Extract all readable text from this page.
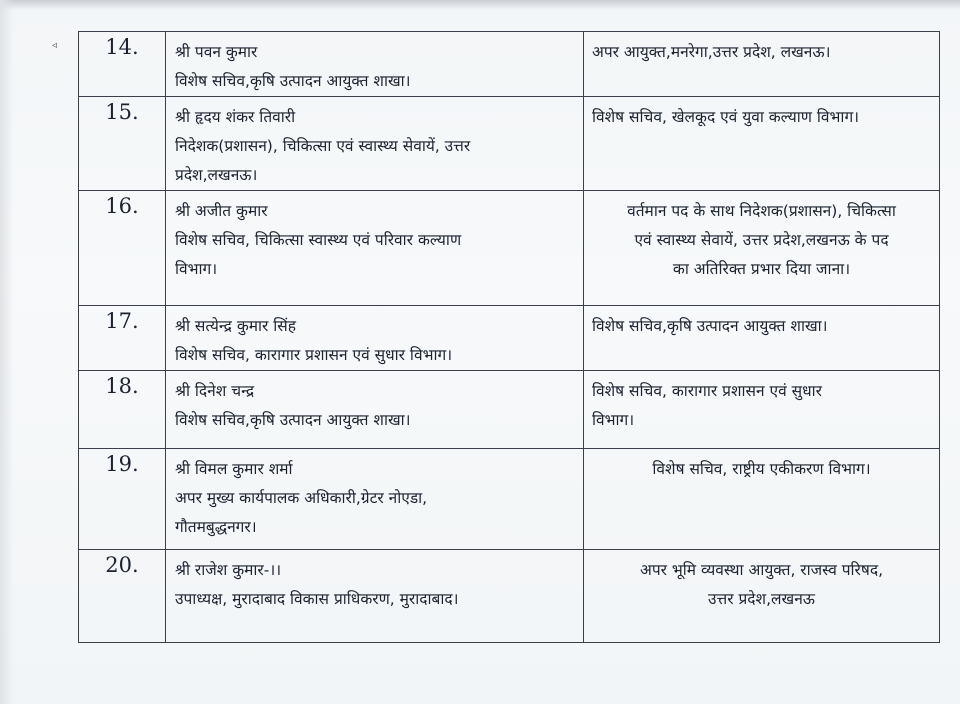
◃ 14.	श्री पवन कुमार
विशेष सचिव,कृषि उत्पादन आयुक्त शाखा।	अपर आयुक्त,मनरेगा,उत्तर प्रदेश, लखनऊ।

15.	श्री हृदय शंकर तिवारी
निदेशक(प्रशासन), चिकित्सा एवं स्वास्थ्य सेवायें, उत्तर
प्रदेश,लखनऊ।	विशेष सचिव, खेलकूद एवं युवा कल्याण विभाग।

16.	श्री अजीत कुमार
विशेष सचिव, चिकित्सा स्वास्थ्य एवं परिवार कल्याण
विभाग।	वर्तमान पद के साथ निदेशक(प्रशासन), चिकित्सा
एवं स्वास्थ्य सेवायें, उत्तर प्रदेश,लखनऊ के पद
का अतिरिक्त प्रभार दिया जाना।

17.	श्री सत्येन्द्र कुमार सिंह
विशेष सचिव, कारागार प्रशासन एवं सुधार विभाग।	विशेष सचिव,कृषि उत्पादन आयुक्त शाखा।

18.	श्री दिनेश चन्द्र
विशेष सचिव,कृषि उत्पादन आयुक्त शाखा।	विशेष सचिव, कारागार प्रशासन एवं सुधार
विभाग।

19.	श्री विमल कुमार शर्मा
अपर मुख्य कार्यपालक अधिकारी,ग्रेटर नोएडा,
गौतमबुद्धनगर।	विशेष सचिव, राष्ट्रीय एकीकरण विभाग।

20.	श्री राजेश कुमार-।।
उपाध्यक्ष, मुरादाबाद विकास प्राधिकरण, मुरादाबाद।	अपर भूमि व्यवस्था आयुक्त, राजस्व परिषद,
उत्तर प्रदेश,लखनऊ
